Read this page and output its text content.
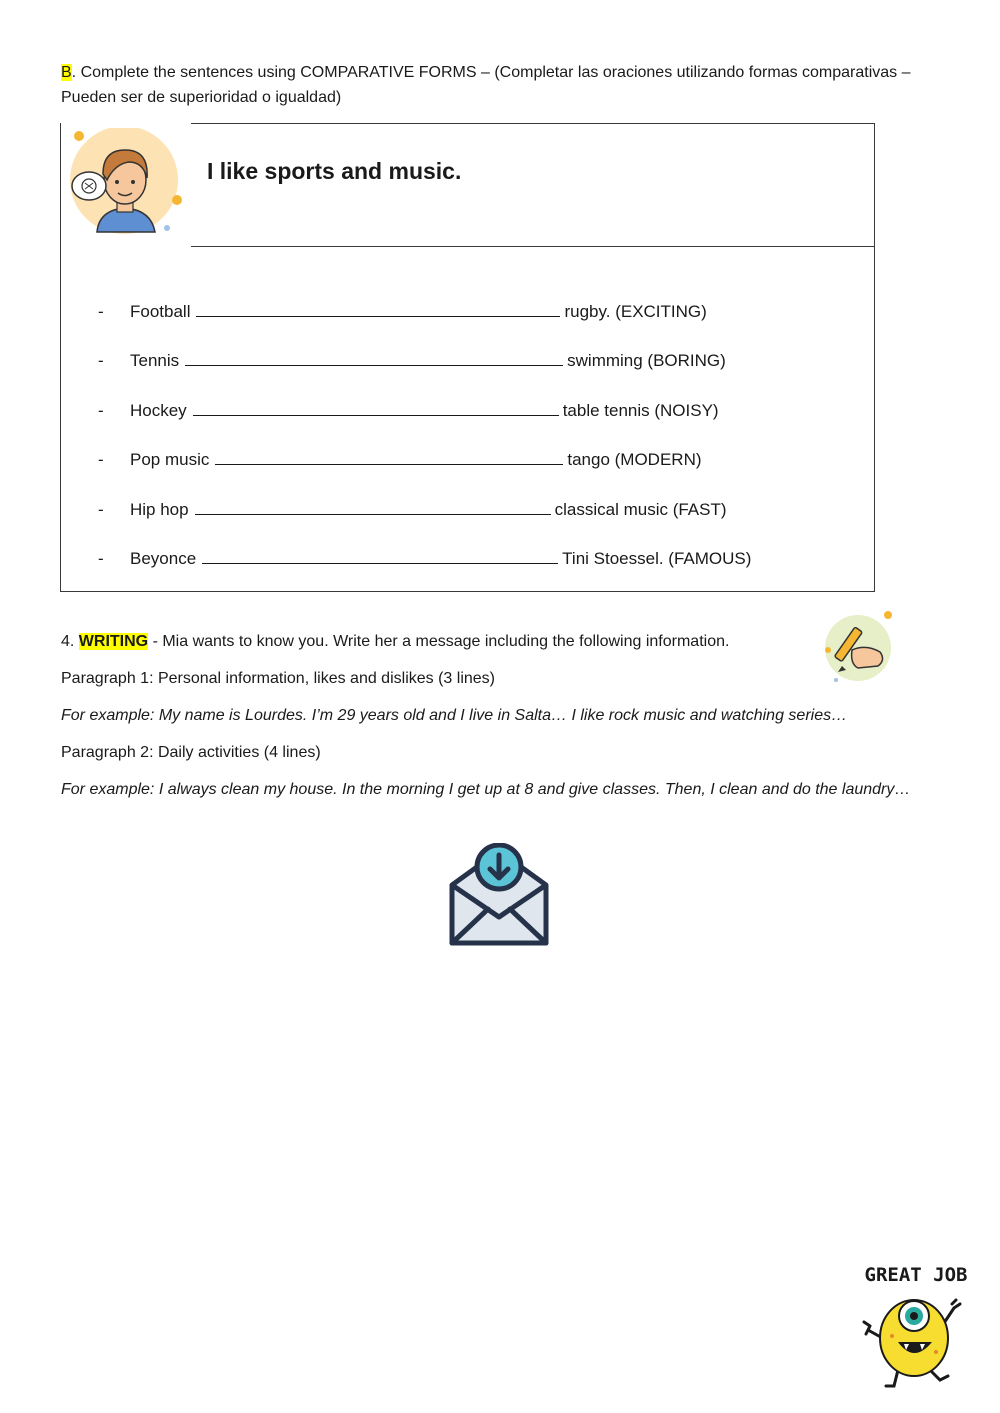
B. Complete the sentences using COMPARATIVE FORMS – (Completar las oraciones utilizando formas comparativas – Pueden ser de superioridad o igualdad)
I like sports and music.
- Football	rugby. (EXCITING)
- Tennis	swimming (BORING)
- Hockey	table tennis (NOISY)
- Pop music	tango (MODERN)
- Hip hop	classical music (FAST)
- Beyonce	Tini Stoessel. (FAMOUS)

4. WRITING - Mia wants to know you. Write her a message including the following information.

Paragraph 1: Personal information, likes and dislikes (3 lines)

For example: My name is Lourdes. I’m 29 years old and I live in Salta… I like rock music and watching series…

Paragraph 2: Daily activities (4 lines)

For example: I always clean my house. In the morning I get up at 8 and give classes. Then, I clean and do the laundry…

GREAT JOB
